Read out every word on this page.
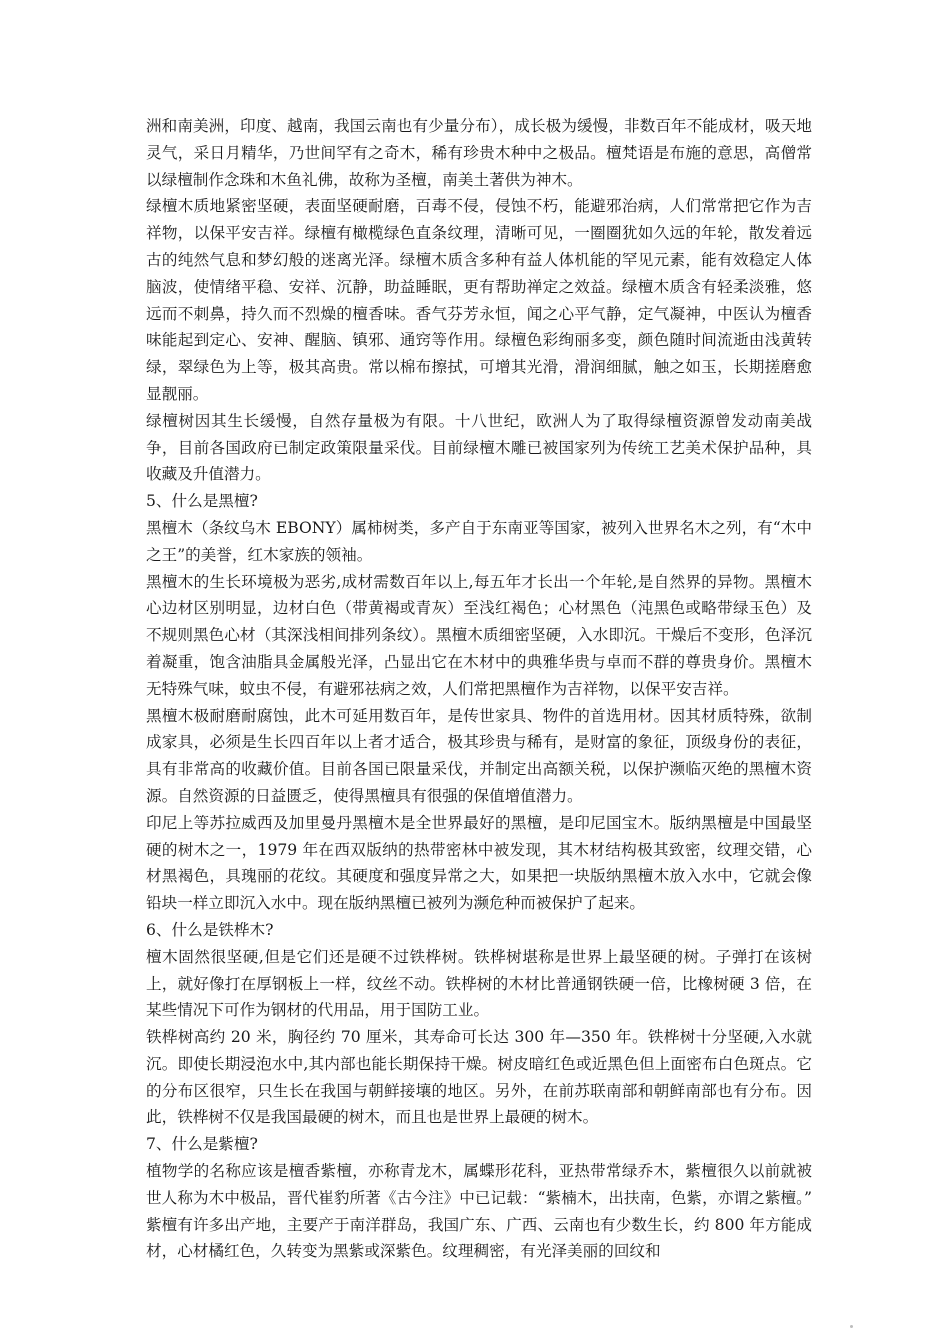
洲和南美洲，印度、越南，我国云南也有少量分布），成长极为缓慢，非数百年不能成材，吸天地灵气，采日月精华，乃世间罕有之奇木，稀有珍贵木种中之极品。檀梵语是布施的意思，高僧常以绿檀制作念珠和木鱼礼佛，故称为圣檀，南美土著供为神木。

绿檀木质地紧密坚硬，表面坚硬耐磨，百毒不侵，侵蚀不朽，能避邪治病，人们常常把它作为吉祥物，以保平安吉祥。绿檀有橄榄绿色直条纹理，清晰可见，一圈圈犹如久远的年轮，散发着远古的纯然气息和梦幻般的迷离光泽。绿檀木质含多种有益人体机能的罕见元素，能有效稳定人体脑波，使情绪平稳、安祥、沉静，助益睡眠，更有帮助禅定之效益。绿檀木质含有轻柔淡雅，悠远而不刺鼻，持久而不烈燥的檀香味。香气芬芳永恒，闻之心平气静，定气凝神，中医认为檀香味能起到定心、安神、醒脑、镇邪、通窍等作用。绿檀色彩绚丽多变，颜色随时间流逝由浅黄转绿，翠绿色为上等，极其高贵。常以棉布擦拭，可增其光滑，滑润细腻，触之如玉，长期搓磨愈显靓丽。

绿檀树因其生长缓慢，自然存量极为有限。十八世纪，欧洲人为了取得绿檀资源曾发动南美战争，目前各国政府已制定政策限量采伐。目前绿檀木雕已被国家列为传统工艺美术保护品种，具收藏及升值潜力。

5、什么是黑檀?

黑檀木（条纹乌木 EBONY）属柿树类，多产自于东南亚等国家，被列入世界名木之列，有“木中之王”的美誉，红木家族的领袖。

黑檀木的生长环境极为恶劣,成材需数百年以上,每五年才长出一个年轮,是自然界的异物。黑檀木心边材区别明显，边材白色（带黄褐或青灰）至浅红褐色；心材黑色（沌黑色或略带绿玉色）及不规则黑色心材（其深浅相间排列条纹）。黑檀木质细密坚硬，入水即沉。干燥后不变形，色泽沉着凝重，饱含油脂具金属般光泽，凸显出它在木材中的典雅华贵与卓而不群的尊贵身价。黑檀木无特殊气味，蚊虫不侵，有避邪祛病之效，人们常把黑檀作为吉祥物，以保平安吉祥。

黑檀木极耐磨耐腐蚀，此木可延用数百年，是传世家具、物件的首选用材。因其材质特殊，欲制成家具，必须是生长四百年以上者才适合，极其珍贵与稀有，是财富的象征，顶级身份的表征，具有非常高的收藏价值。目前各国已限量采伐，并制定出高额关税，以保护濒临灭绝的黑檀木资源。自然资源的日益匮乏，使得黑檀具有很强的保值增值潜力。

印尼上等苏拉威西及加里曼丹黑檀木是全世界最好的黑檀，是印尼国宝木。版纳黑檀是中国最坚硬的树木之一，1979 年在西双版纳的热带密林中被发现，其木材结构极其致密，纹理交错，心材黑褐色，具瑰丽的花纹。其硬度和强度异常之大，如果把一块版纳黑檀木放入水中，它就会像铅块一样立即沉入水中。现在版纳黑檀已被列为濒危种而被保护了起来。

6、什么是铁桦木?

檀木固然很坚硬,但是它们还是硬不过铁桦树。铁桦树堪称是世界上最坚硬的树。子弹打在该树上，就好像打在厚钢板上一样，纹丝不动。铁桦树的木材比普通钢铁硬一倍，比橡树硬 3 倍，在某些情况下可作为钢材的代用品，用于国防工业。

铁桦树高约 20 米，胸径约 70 厘米，其寿命可长达 300 年—350 年。铁桦树十分坚硬,入水就沉。即使长期浸泡水中,其内部也能长期保持干燥。树皮暗红色或近黑色但上面密布白色斑点。它的分布区很窄，只生长在我国与朝鲜接壤的地区。另外，在前苏联南部和朝鲜南部也有分布。因此，铁桦树不仅是我国最硬的树木，而且也是世界上最硬的树木。

7、什么是紫檀?

植物学的名称应该是檀香紫檀，亦称青龙木，属蝶形花科，亚热带常绿乔木，紫檀很久以前就被世人称为木中极品，晋代崔豹所著《古今注》中已记载：“紫楠木，出扶南，色紫，亦谓之紫檀。” 紫檀有许多出产地，主要产于南洋群岛，我国广东、广西、云南也有少数生长，约 800 年方能成材，心材橘红色，久转变为黑紫或深紫色。纹理稠密，有光泽美丽的回纹和
